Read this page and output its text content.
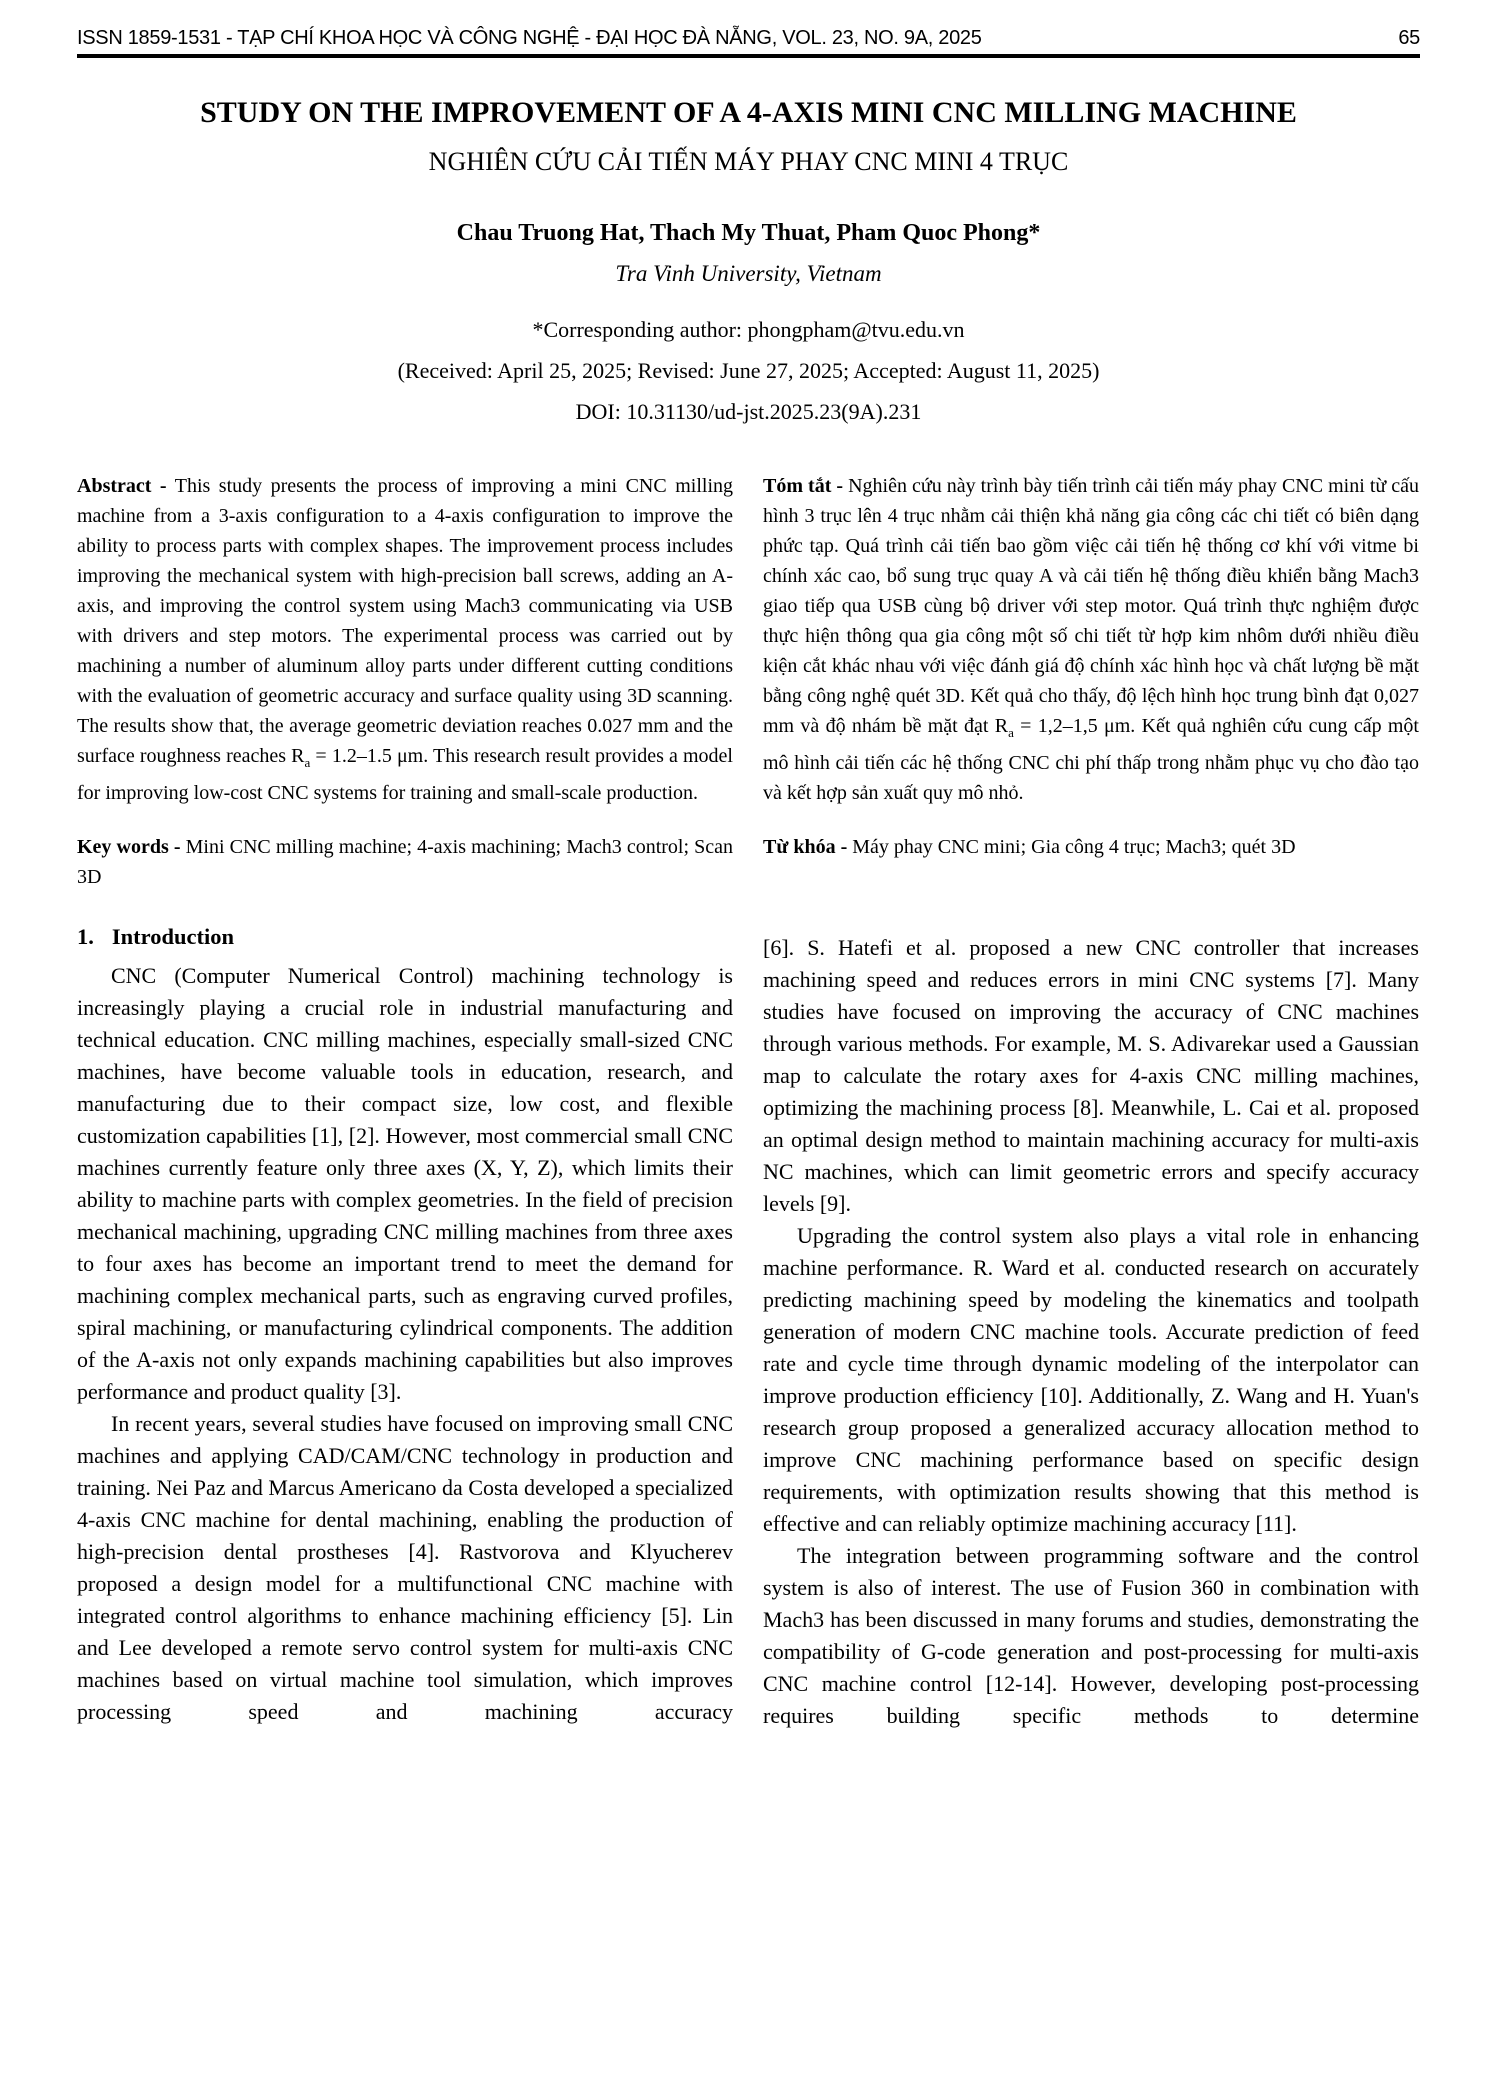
ISSN 1859-1531 - TẠP CHÍ KHOA HỌC VÀ CÔNG NGHỆ - ĐẠI HỌC ĐÀ NẴNG, VOL. 23, NO. 9A, 2025	65
STUDY ON THE IMPROVEMENT OF A 4-AXIS MINI CNC MILLING MACHINE
NGHIÊN CỨU CẢI TIẾN MÁY PHAY CNC MINI 4 TRỤC

Chau Truong Hat, Thach My Thuat, Pham Quoc Phong*

Tra Vinh University, Vietnam

*Corresponding author: phongpham@tvu.edu.vn

(Received: April 25, 2025; Revised: June 27, 2025; Accepted: August 11, 2025)

DOI: 10.31130/ud-jst.2025.23(9A).231

Abstract - This study presents the process of improving a mini CNC milling machine from a 3-axis configuration to a 4-axis configuration to improve the ability to process parts with complex shapes. The improvement process includes improving the mechanical system with high-precision ball screws, adding an A-axis, and improving the control system using Mach3 communicating via USB with drivers and step motors. The experimental process was carried out by machining a number of aluminum alloy parts under different cutting conditions with the evaluation of geometric accuracy and surface quality using 3D scanning. The results show that, the average geometric deviation reaches 0.027 mm and the surface roughness reaches $R_a = 1.2-1.5$ μm. This research result provides a model for improving low-cost CNC systems for training and small-scale production.

Key words - Mini CNC milling machine; 4-axis machining; Mach3 control; Scan 3D

1. Introduction

CNC (Computer Numerical Control) machining technology is increasingly playing a crucial role in industrial manufacturing and technical education. CNC milling machines, especially small-sized CNC machines, have become valuable tools in education, research, and manufacturing due to their compact size, low cost, and flexible customization capabilities [1], [2]. However, most commercial small CNC machines currently feature only three axes (X, Y, Z), which limits their ability to machine parts with complex geometries. In the field of precision mechanical machining, upgrading CNC milling machines from three axes to four axes has become an important trend to meet the demand for machining complex mechanical parts, such as engraving curved profiles, spiral machining, or manufacturing cylindrical components. The addition of the A-axis not only expands machining capabilities but also improves performance and product quality [3].

In recent years, several studies have focused on improving small CNC machines and applying CAD/CAM/CNC technology in production and training. Nei Paz and Marcus Americano da Costa developed a specialized 4-axis CNC machine for dental machining, enabling the production of high-precision dental prostheses [4]. Rastvorova and Klyucherev proposed a design model for a multifunctional CNC machine with integrated control algorithms to enhance machining efficiency [5]. Lin and Lee developed a remote servo control system for multi-axis CNC machines based on virtual machine tool simulation, which improves processing speed and machining accuracy

Tóm tắt - Nghiên cứu này trình bày tiến trình cải tiến máy phay CNC mini từ cấu hình 3 trục lên 4 trục nhằm cải thiện khả năng gia công các chi tiết có biên dạng phức tạp. Quá trình cải tiến bao gồm việc cải tiến hệ thống cơ khí với vitme bi chính xác cao, bổ sung trục quay A và cải tiến hệ thống điều khiển bằng Mach3 giao tiếp qua USB cùng bộ driver với step motor. Quá trình thực nghiệm được thực hiện thông qua gia công một số chi tiết từ hợp kim nhôm dưới nhiều điều kiện cắt khác nhau với việc đánh giá độ chính xác hình học và chất lượng bề mặt bằng công nghệ quét 3D. Kết quả cho thấy, độ lệch hình học trung bình đạt 0,027 mm và độ nhám bề mặt đạt $R_a = 1,2-1,5$ μm. Kết quả nghiên cứu cung cấp một mô hình cải tiến các hệ thống CNC chi phí thấp trong nhằm phục vụ cho đào tạo và kết hợp sản xuất quy mô nhỏ.

Từ khóa - Máy phay CNC mini; Gia công 4 trục; Mach3; quét 3D

[6]. S. Hatefi et al. proposed a new CNC controller that increases machining speed and reduces errors in mini CNC systems [7]. Many studies have focused on improving the accuracy of CNC machines through various methods. For example, M. S. Adivarekar used a Gaussian map to calculate the rotary axes for 4-axis CNC milling machines, optimizing the machining process [8]. Meanwhile, L. Cai et al. proposed an optimal design method to maintain machining accuracy for multi-axis NC machines, which can limit geometric errors and specify accuracy levels [9].

Upgrading the control system also plays a vital role in enhancing machine performance. R. Ward et al. conducted research on accurately predicting machining speed by modeling the kinematics and toolpath generation of modern CNC machine tools. Accurate prediction of feed rate and cycle time through dynamic modeling of the interpolator can improve production efficiency [10]. Additionally, Z. Wang and H. Yuan's research group proposed a generalized accuracy allocation method to improve CNC machining performance based on specific design requirements, with optimization results showing that this method is effective and can reliably optimize machining accuracy [11].

The integration between programming software and the control system is also of interest. The use of Fusion 360 in combination with Mach3 has been discussed in many forums and studies, demonstrating the compatibility of G-code generation and post-processing for multi-axis CNC machine control [12-14]. However, developing post-processing requires building specific methods to determine
